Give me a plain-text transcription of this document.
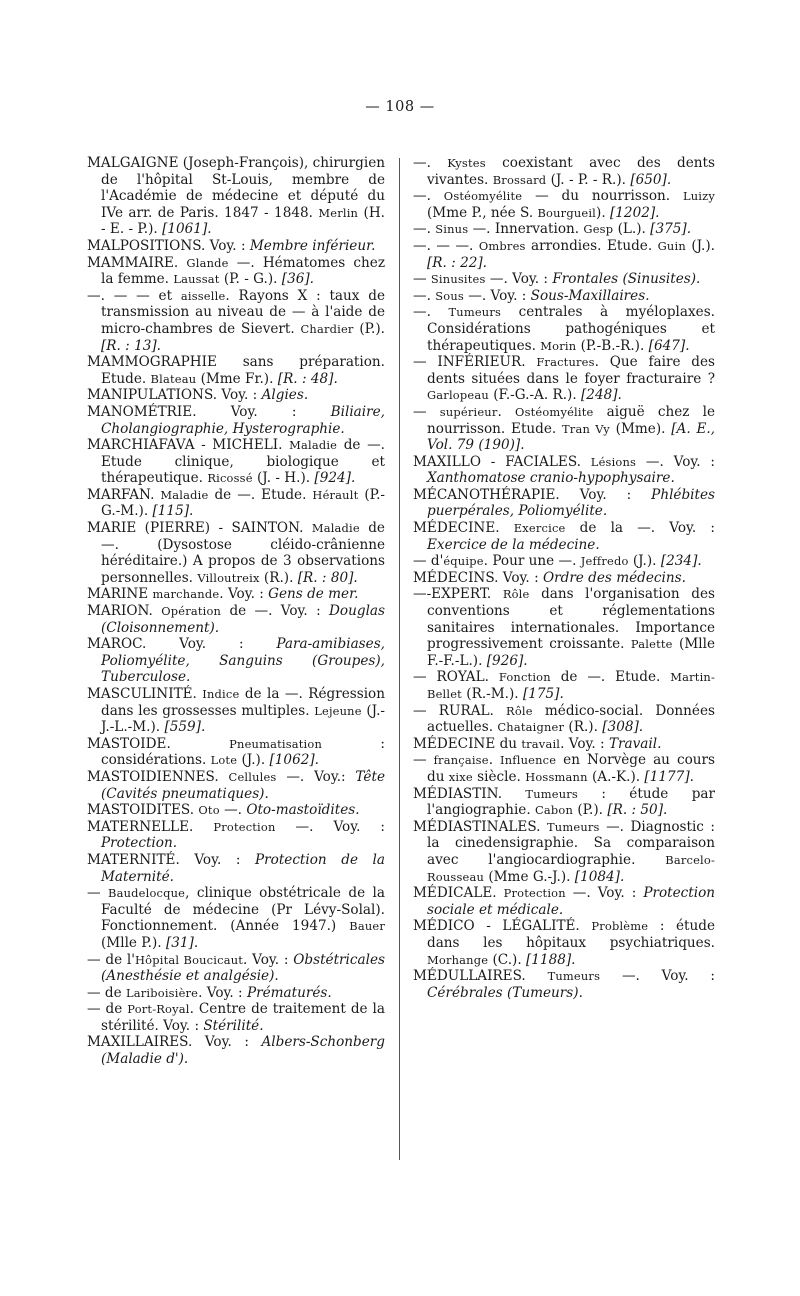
— 108 —

MALGAIGNE (Joseph-François), chirurgien de l'hôpital St-Louis, membre de l'Académie de médecine et député du IVe arr. de Paris. 1847 - 1848. Merlin (H. - E. - P.). [1061].

MALPOSITIONS. Voy. : Membre inférieur.

MAMMAIRE. Glande —. Hématomes chez la femme. Laussat (P. - G.). [36].

—. — — et aisselle. Rayons X : taux de transmission au niveau de — à l'aide de micro-chambres de Sievert. Chardier (P.). [R. : 13].

MAMMOGRAPHIE sans préparation. Etude. Blateau (Mme Fr.). [R. : 48].

MANIPULATIONS. Voy. : Algies.

MANOMÉTRIE. Voy. : Biliaire, Cholangiographie, Hysterographie.

MARCHIAFAVA - MICHELI. Maladie de —. Etude clinique, biologique et thérapeutique. Ricossé (J. - H.). [924].

MARFAN. Maladie de —. Etude. Hérault (P.-G.-M.). [115].

MARIE (PIERRE) - SAINTON. Maladie de —. (Dysostose cléido-crânienne héréditaire.) A propos de 3 observations personnelles. Villoutreix (R.). [R. : 80].

MARINE marchande. Voy. : Gens de mer.

MARION. Opération de —. Voy. : Douglas (Cloisonnement).

MAROC. Voy. : Para-amibiases, Poliomyélite, Sanguins (Groupes), Tuberculose.

MASCULINITÉ. Indice de la —. Régression dans les grossesses multiples. Lejeune (J.-J.-L.-M.). [559].

MASTOIDE. Pneumatisation : considérations. Lote (J.). [1062].

MASTOIDIENNES. Cellules —. Voy.: Tête (Cavités pneumatiques).

MASTOIDITES. Oto —. Oto-mastoïdites.

MATERNELLE. Protection —. Voy. : Protection.

MATERNITÉ. Voy. : Protection de la Maternité.

— Baudelocque, clinique obstétricale de la Faculté de médecine (Pr Lévy-Solal). Fonctionnement. (Année 1947.) Bauer (Mlle P.). [31].

— de l'Hôpital Boucicaut. Voy. : Obstétricales (Anesthésie et analgésie).

— de Lariboisière. Voy. : Prématurés.

— de Port-Royal. Centre de traitement de la stérilité. Voy. : Stérilité.

MAXILLAIRES. Voy. : Albers-Schonberg (Maladie d').

—. Kystes coexistant avec des dents vivantes. Brossard (J. - P. - R.). [650].

—. Ostéomyélite — du nourrisson. Luizy (Mme P., née S. Bourgueil). [1202].

—. Sinus —. Innervation. Gesp (L.). [375].

—. — —. Ombres arrondies. Etude. Guin (J.). [R. : 22].

— Sinusites —. Voy. : Frontales (Sinusites).

—. Sous —. Voy. : Sous-Maxillaires.

—. Tumeurs centrales à myéloplaxes. Considérations pathogéniques et thérapeutiques. Morin (P.-B.-R.). [647].

— INFÉRIEUR. Fractures. Que faire des dents situées dans le foyer fracturaire ? Garlopeau (F.-G.-A. R.). [248].

— supérieur. Ostéomyélite aiguë chez le nourrisson. Etude. Tran Vy (Mme). [A. E., Vol. 79 (190)].

MAXILLO - FACIALES. Lésions —. Voy. : Xanthomatose cranio-hypophysaire.

MÉCANOTHÉRAPIE. Voy. : Phlébites puerpérales, Poliomyélite.

MÉDECINE. Exercice de la —. Voy. : Exercice de la médecine.

— d'équipe. Pour une —. Jeffredo (J.). [234].

MÉDECINS. Voy. : Ordre des médecins.

—-EXPERT. Rôle dans l'organisation des conventions et réglementations sanitaires internationales. Importance progressivement croissante. Palette (Mlle F.-F.-L.). [926].

— ROYAL. Fonction de —. Etude. Martin-Bellet (R.-M.). [175].

— RURAL. Rôle médico-social. Données actuelles. Chataigner (R.). [308].

MÉDECINE du travail. Voy. : Travail.

— française. Influence en Norvège au cours du xixe siècle. Hossmann (A.-K.). [1177].

MÉDIASTIN. Tumeurs : étude par l'angiographie. Cabon (P.). [R. : 50].

MÉDIASTINALES. Tumeurs —. Diagnostic : la cinedensigraphie. Sa comparaison avec l'angiocardiographie. Barcelo-Rousseau (Mme G.-J.). [1084].

MÉDICALE. Protection —. Voy. : Protection sociale et médicale.

MÉDICO - LÉGALITÉ. Problème : étude dans les hôpitaux psychiatriques. Morhange (C.). [1188].

MÉDULLAIRES. Tumeurs —. Voy. : Cérébrales (Tumeurs).
